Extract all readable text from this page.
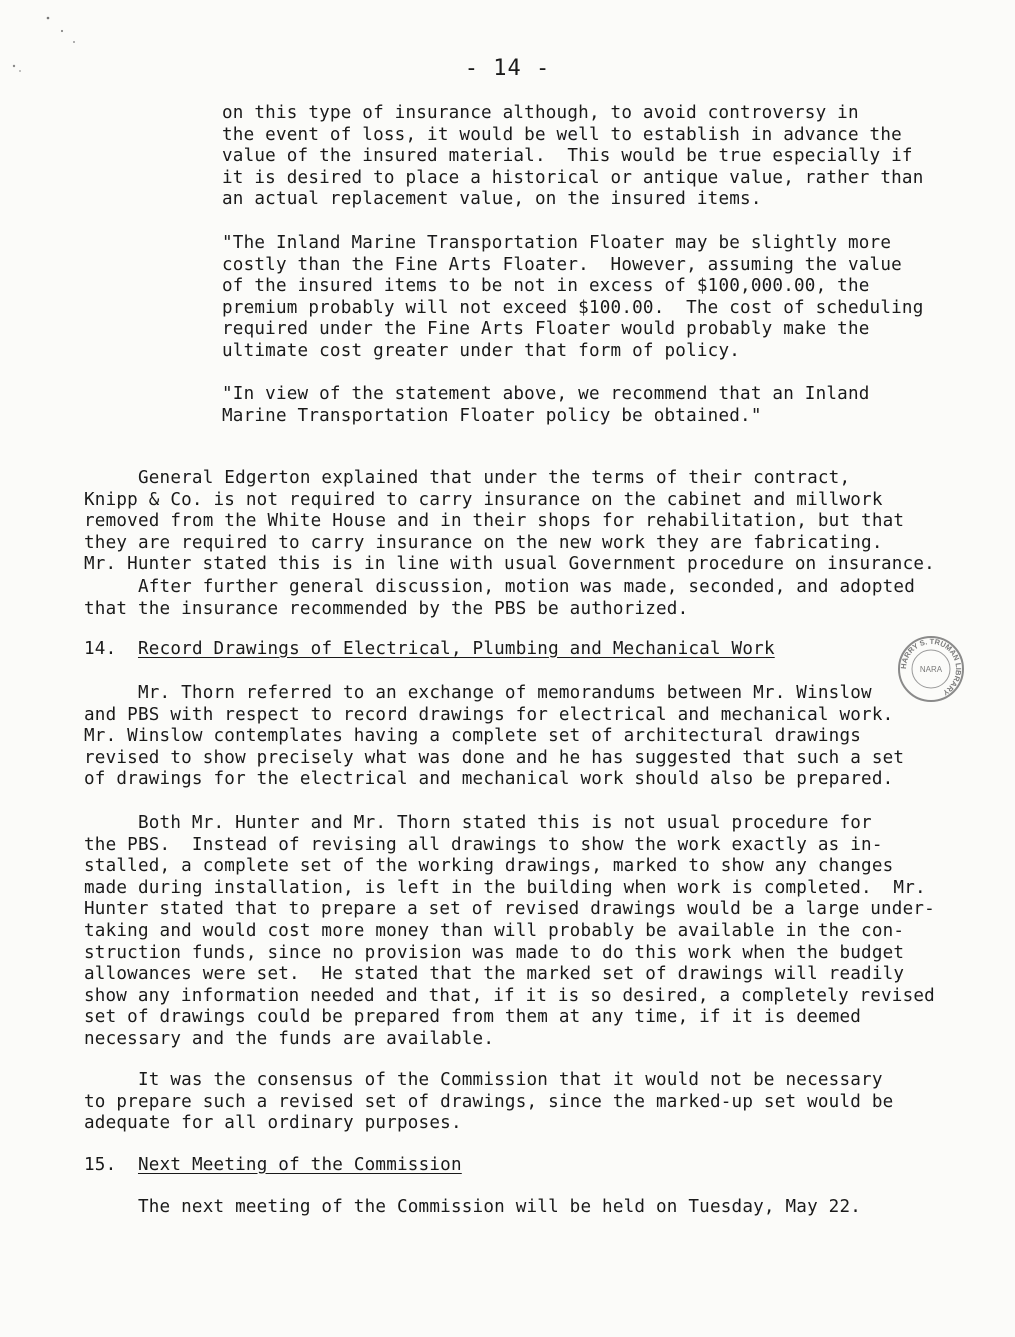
- 14 -
on this type of insurance although, to avoid controversy in
the event of loss, it would be well to establish in advance the
value of the insured material.  This would be true especially if
it is desired to place a historical or antique value, rather than
an actual replacement value, on the insured items.
"The Inland Marine Transportation Floater may be slightly more
costly than the Fine Arts Floater.  However, assuming the value
of the insured items to be not in excess of $100,000.00, the
premium probably will not exceed $100.00.  The cost of scheduling
required under the Fine Arts Floater would probably make the
ultimate cost greater under that form of policy.
"In view of the statement above, we recommend that an Inland
Marine Transportation Floater policy be obtained."
General Edgerton explained that under the terms of their contract,
Knipp & Co. is not required to carry insurance on the cabinet and millwork
removed from the White House and in their shops for rehabilitation, but that
they are required to carry insurance on the new work they are fabricating.
Mr. Hunter stated this is in line with usual Government procedure on insurance.
After further general discussion, motion was made, seconded, and adopted
that the insurance recommended by the PBS be authorized.
Mr. Thorn referred to an exchange of memorandums between Mr. Winslow
and PBS with respect to record drawings for electrical and mechanical work.
Mr. Winslow contemplates having a complete set of architectural drawings
revised to show precisely what was done and he has suggested that such a set
of drawings for the electrical and mechanical work should also be prepared.
Both Mr. Hunter and Mr. Thorn stated this is not usual procedure for
the PBS.  Instead of revising all drawings to show the work exactly as in-
stalled, a complete set of the working drawings, marked to show any changes
made during installation, is left in the building when work is completed.  Mr.
Hunter stated that to prepare a set of revised drawings would be a large under-
taking and would cost more money than will probably be available in the con-
struction funds, since no provision was made to do this work when the budget
allowances were set.  He stated that the marked set of drawings will readily
show any information needed and that, if it is so desired, a completely revised
set of drawings could be prepared from them at any time, if it is deemed
necessary and the funds are available.
It was the consensus of the Commission that it would not be necessary
to prepare such a revised set of drawings, since the marked-up set would be
adequate for all ordinary purposes.
14. Record Drawings of Electrical, Plumbing and Mechanical Work
15. Next Meeting of the Commission
The next meeting of the Commission will be held on Tuesday, May 22.
HARRY S. TRUMAN LIBRARY
NARA
